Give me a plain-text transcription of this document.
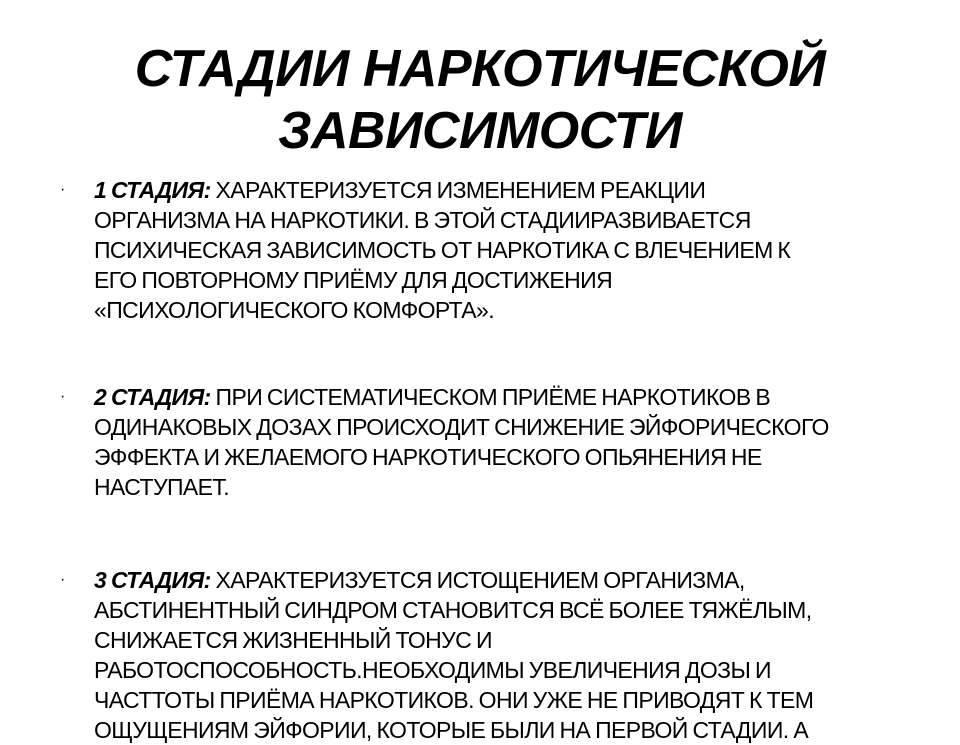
СТАДИИ НАРКОТИЧЕСКОЙ
ЗАВИСИМОСТИ
· 1 СТАДИЯ: ХАРАКТЕРИЗУЕТСЯ ИЗМЕНЕНИЕМ РЕАКЦИИ
ОРГАНИЗМА НА НАРКОТИКИ. В ЭТОЙ СТАДИИРАЗВИВАЕТСЯ
ПСИХИЧЕСКАЯ ЗАВИСИМОСТЬ ОТ НАРКОТИКА С ВЛЕЧЕНИЕМ К
ЕГО ПОВТОРНОМУ ПРИЁМУ ДЛЯ ДОСТИЖЕНИЯ
«ПСИХОЛОГИЧЕСКОГО КОМФОРТА».
· 2 СТАДИЯ: ПРИ СИСТЕМАТИЧЕСКОМ ПРИЁМЕ НАРКОТИКОВ В
ОДИНАКОВЫХ ДОЗАХ ПРОИСХОДИТ СНИЖЕНИЕ ЭЙФОРИЧЕСКОГО
ЭФФЕКТА И ЖЕЛАЕМОГО НАРКОТИЧЕСКОГО ОПЬЯНЕНИЯ НЕ
НАСТУПАЕТ.
· 3 СТАДИЯ: ХАРАКТЕРИЗУЕТСЯ ИСТОЩЕНИЕМ ОРГАНИЗМА,
АБСТИНЕНТНЫЙ СИНДРОМ СТАНОВИТСЯ ВСЁ БОЛЕЕ ТЯЖЁЛЫМ,
СНИЖАЕТСЯ ЖИЗНЕННЫЙ ТОНУС И
РАБОТОСПОСОБНОСТЬ.НЕОБХОДИМЫ УВЕЛИЧЕНИЯ ДОЗЫ И
ЧАСТТОТЫ ПРИЁМА НАРКОТИКОВ. ОНИ УЖЕ НЕ ПРИВОДЯТ К ТЕМ
ОЩУЩЕНИЯМ ЭЙФОРИИ, КОТОРЫЕ БЫЛИ НА ПЕРВОЙ СТАДИИ. А
